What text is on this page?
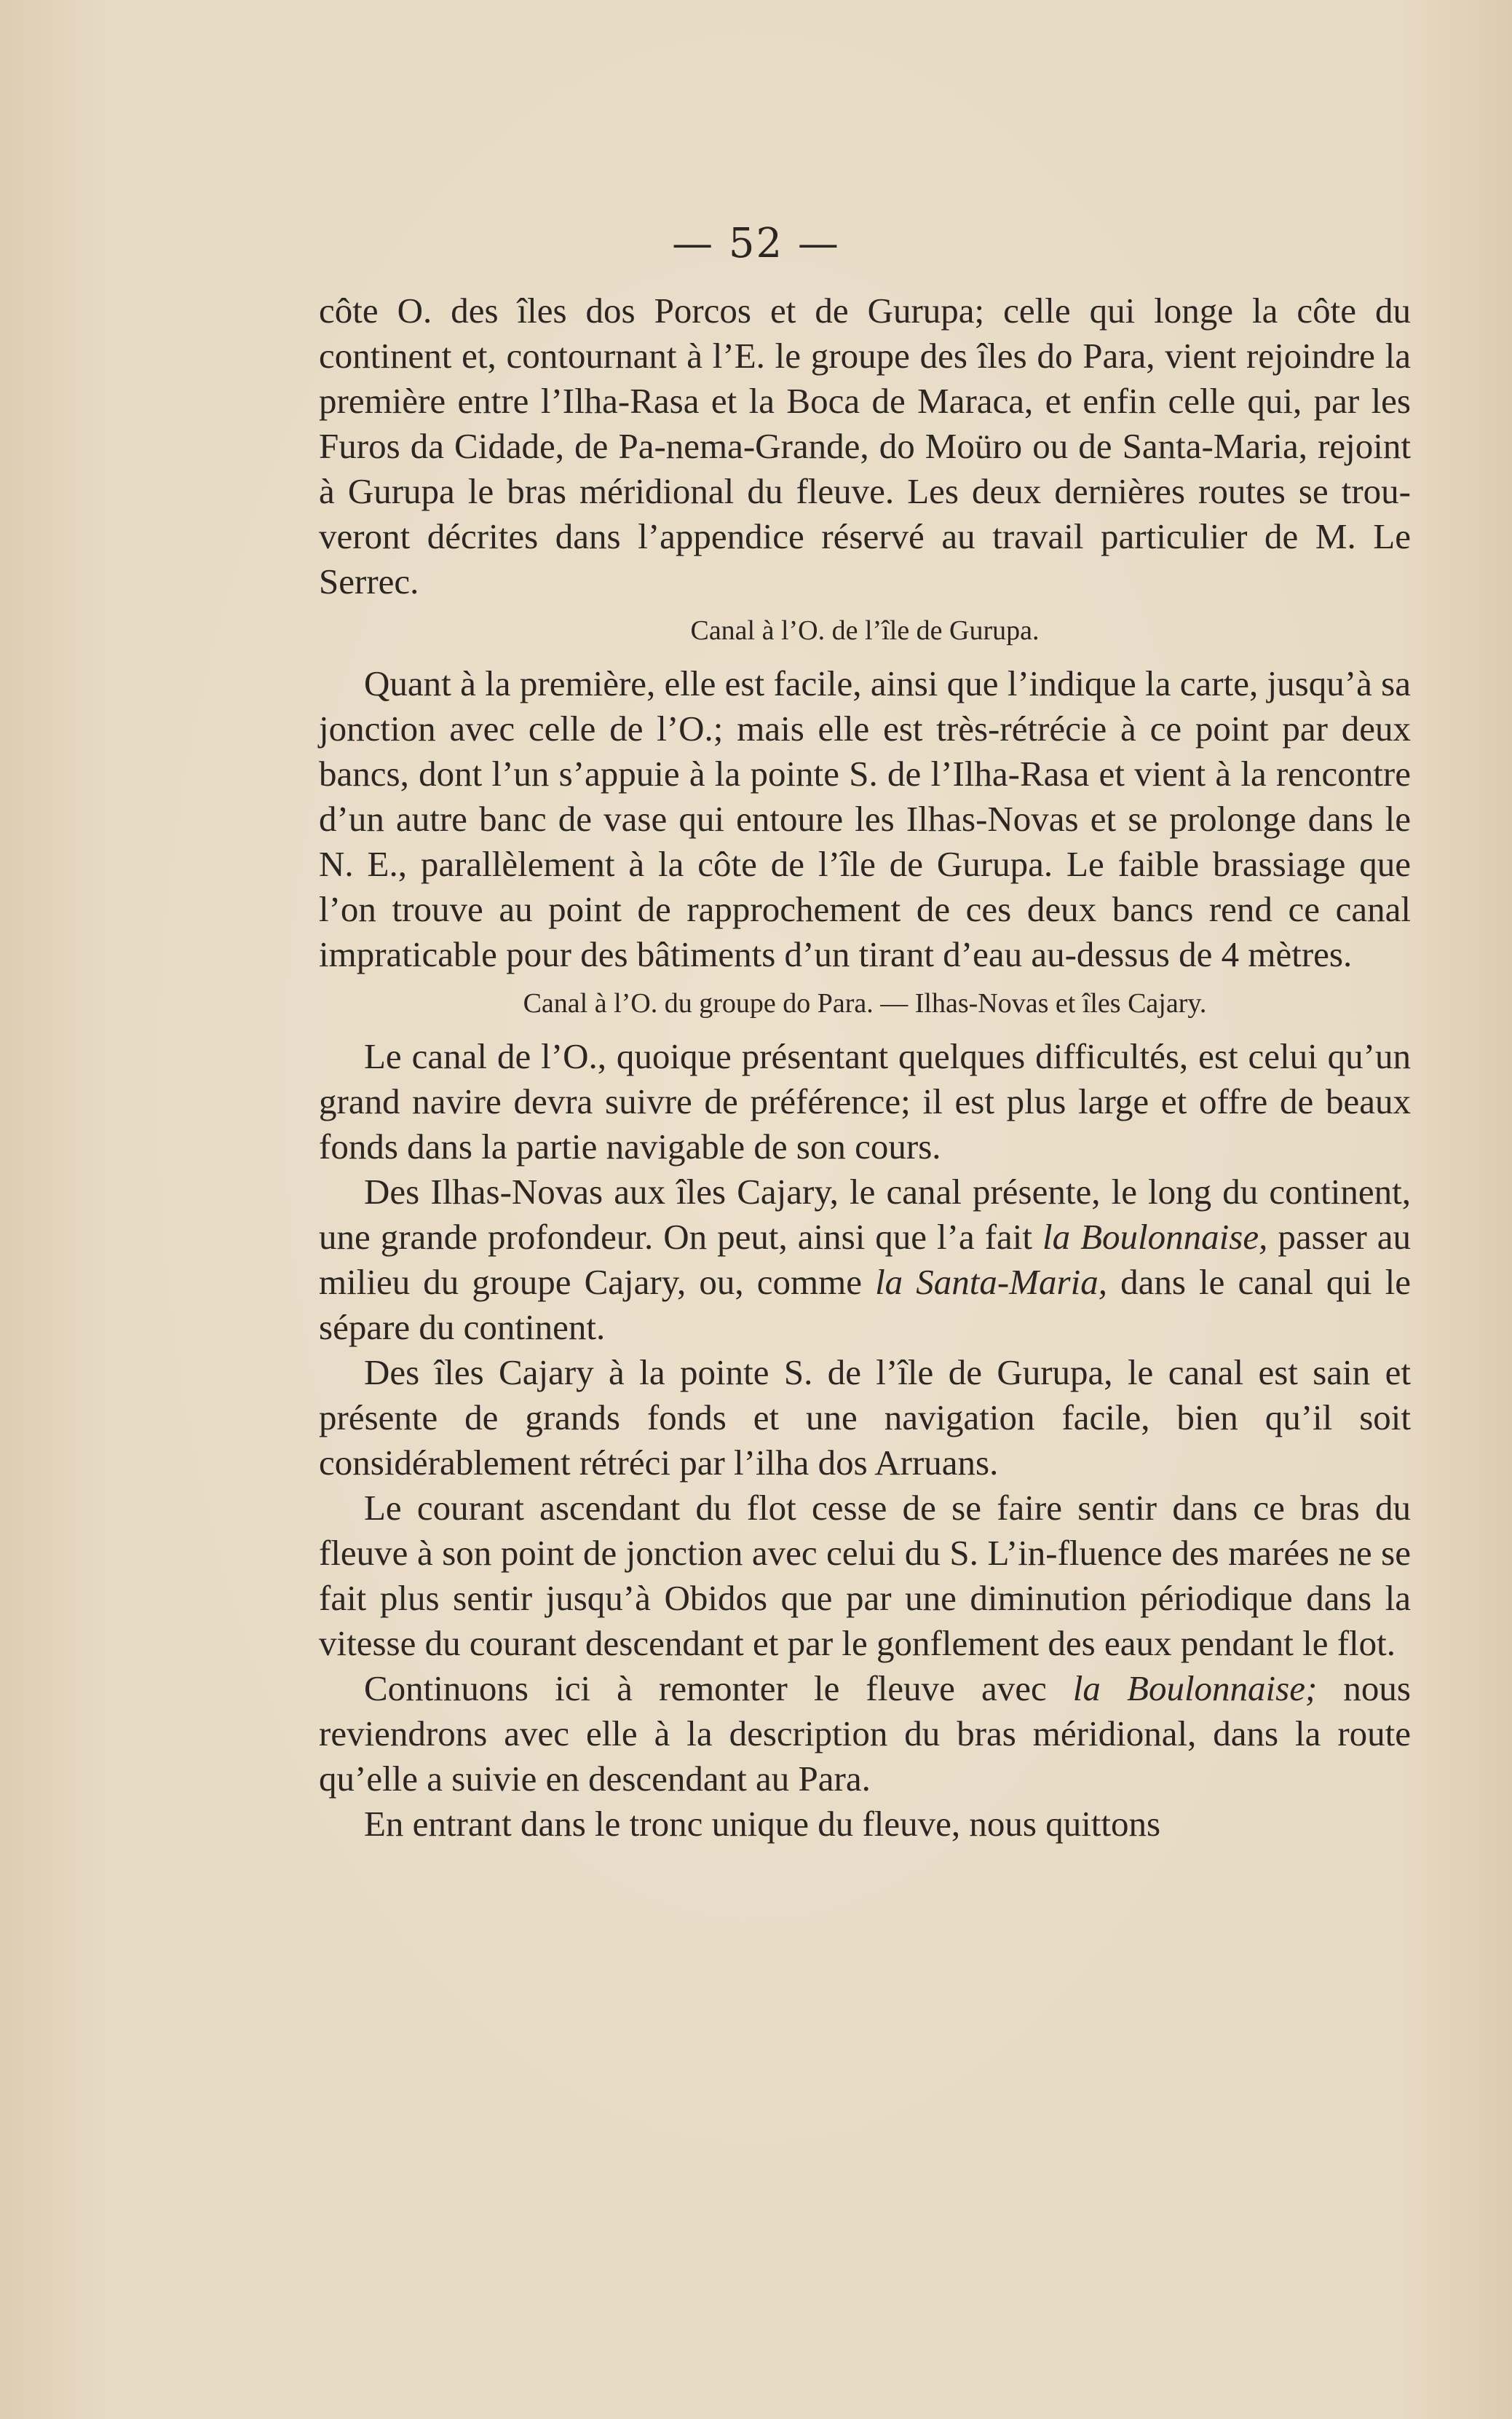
— 52 —

côte O. des îles dos Porcos et de Gurupa; celle qui longe la côte du continent et, contournant à l’E. le groupe des îles do Para, vient rejoindre la première entre l’Ilha-Rasa et la Boca de Maraca, et enfin celle qui, par les Furos da Cidade, de Pa-nema-Grande, do Moüro ou de Santa-Maria, rejoint à Gurupa le bras méridional du fleuve. Les deux dernières routes se trou-veront décrites dans l’appendice réservé au travail particulier de M. Le Serrec.

Canal à l’O. de l’île de Gurupa.

Quant à la première, elle est facile, ainsi que l’indique la carte, jusqu’à sa jonction avec celle de l’O.; mais elle est très-rétrécie à ce point par deux bancs, dont l’un s’appuie à la pointe S. de l’Ilha-Rasa et vient à la rencontre d’un autre banc de vase qui entoure les Ilhas-Novas et se prolonge dans le N. E., parallèlement à la côte de l’île de Gurupa. Le faible brassiage que l’on trouve au point de rapprochement de ces deux bancs rend ce canal impraticable pour des bâtiments d’un tirant d’eau au-dessus de 4 mètres.

Canal à l’O. du groupe do Para. — Ilhas-Novas et îles Cajary.

Le canal de l’O., quoique présentant quelques difficultés, est celui qu’un grand navire devra suivre de préférence; il est plus large et offre de beaux fonds dans la partie navigable de son cours.

Des Ilhas-Novas aux îles Cajary, le canal présente, le long du continent, une grande profondeur. On peut, ainsi que l’a fait la Boulonnaise, passer au milieu du groupe Cajary, ou, comme la Santa-Maria, dans le canal qui le sépare du continent.

Des îles Cajary à la pointe S. de l’île de Gurupa, le canal est sain et présente de grands fonds et une navigation facile, bien qu’il soit considérablement rétréci par l’ilha dos Arruans.

Le courant ascendant du flot cesse de se faire sentir dans ce bras du fleuve à son point de jonction avec celui du S. L’in-fluence des marées ne se fait plus sentir jusqu’à Obidos que par une diminution périodique dans la vitesse du courant descendant et par le gonflement des eaux pendant le flot.

Continuons ici à remonter le fleuve avec la Boulonnaise; nous reviendrons avec elle à la description du bras méridional, dans la route qu’elle a suivie en descendant au Para.

En entrant dans le tronc unique du fleuve, nous quittons
